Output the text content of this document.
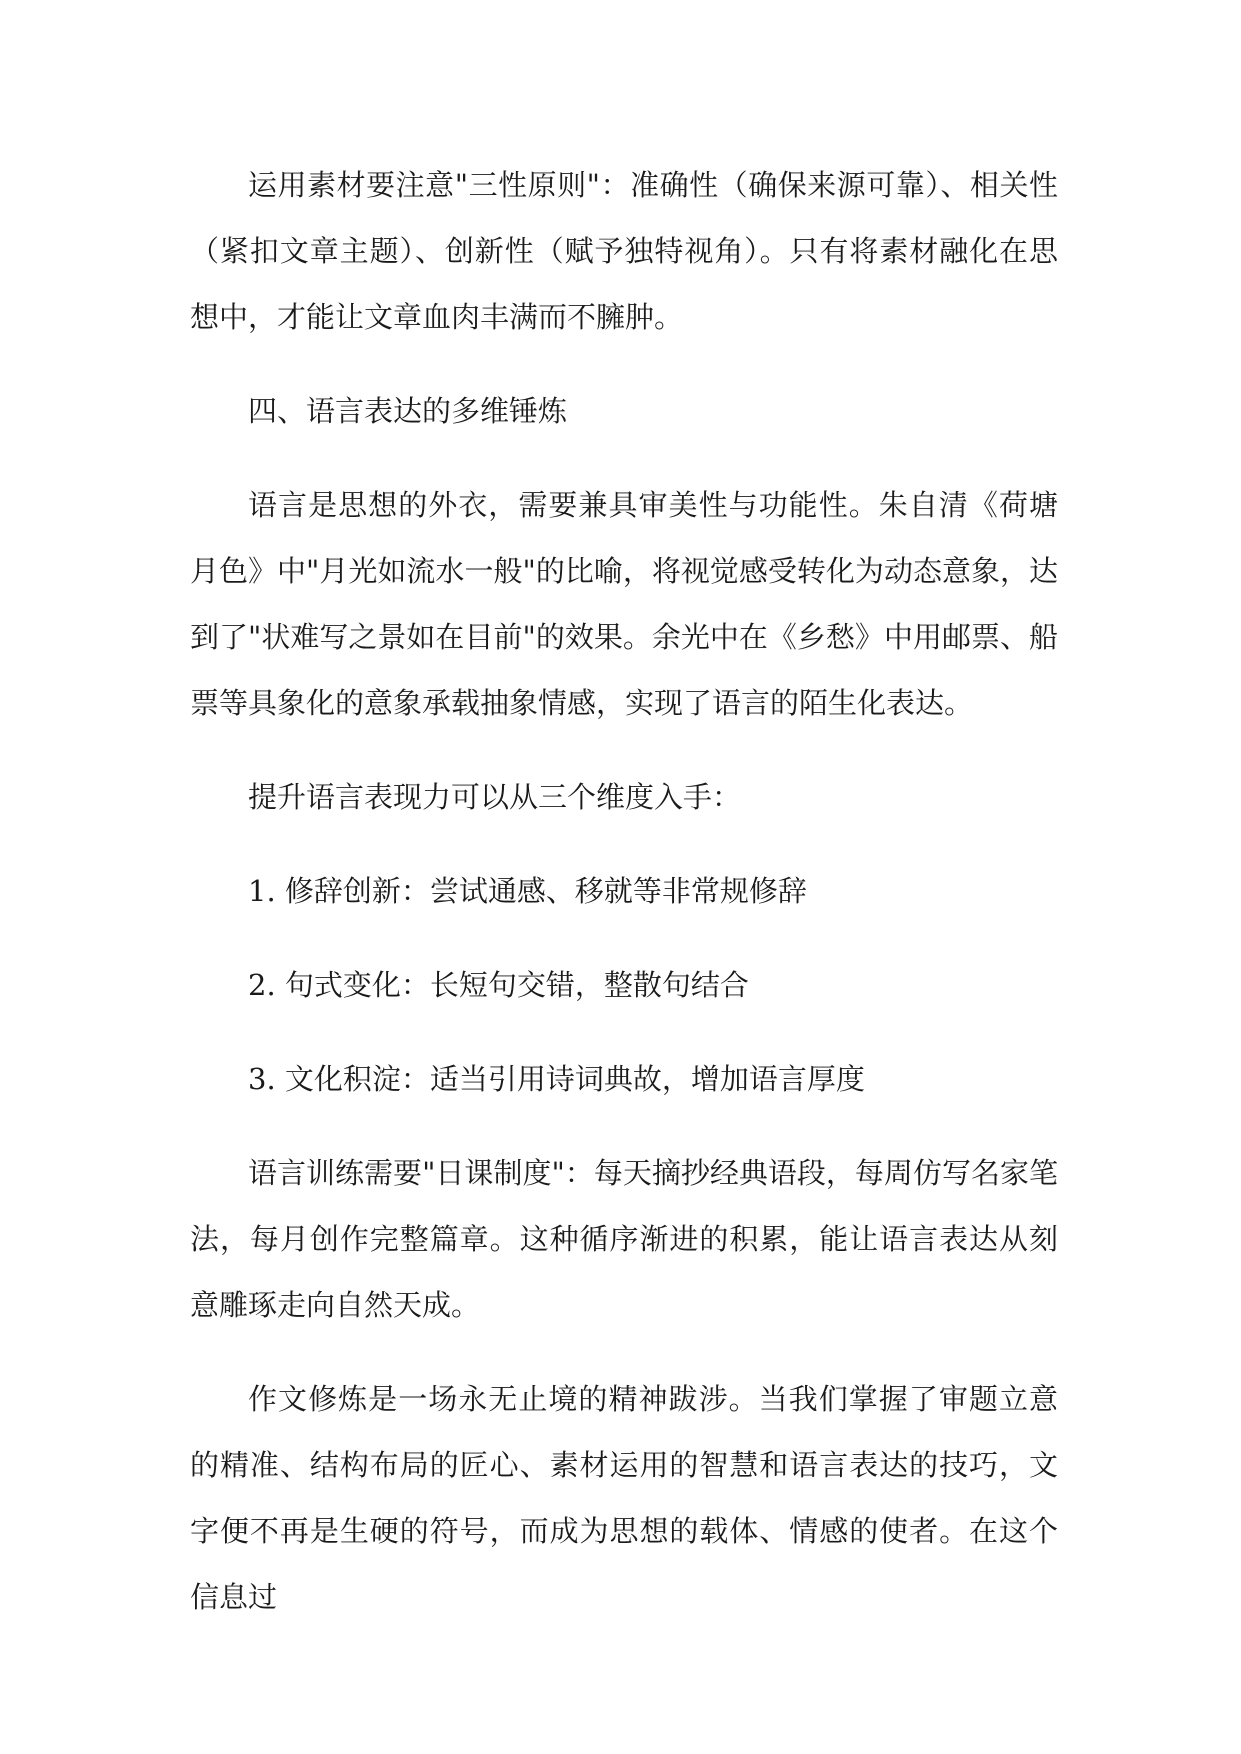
运用素材要注意"三性原则"：准确性（确保来源可靠）、相关性（紧扣文章主题）、创新性（赋予独特视角）。只有将素材融化在思想中，才能让文章血肉丰满而不臃肿。

四、语言表达的多维锤炼

语言是思想的外衣，需要兼具审美性与功能性。朱自清《荷塘月色》中"月光如流水一般"的比喻，将视觉感受转化为动态意象，达到了"状难写之景如在目前"的效果。余光中在《乡愁》中用邮票、船票等具象化的意象承载抽象情感，实现了语言的陌生化表达。

提升语言表现力可以从三个维度入手：

1. 修辞创新：尝试通感、移就等非常规修辞

2. 句式变化：长短句交错，整散句结合

3. 文化积淀：适当引用诗词典故，增加语言厚度

语言训练需要"日课制度"：每天摘抄经典语段，每周仿写名家笔法，每月创作完整篇章。这种循序渐进的积累，能让语言表达从刻意雕琢走向自然天成。

作文修炼是一场永无止境的精神跋涉。当我们掌握了审题立意的精准、结构布局的匠心、素材运用的智慧和语言表达的技巧，文字便不再是生硬的符号，而成为思想的载体、情感的使者。在这个信息过
